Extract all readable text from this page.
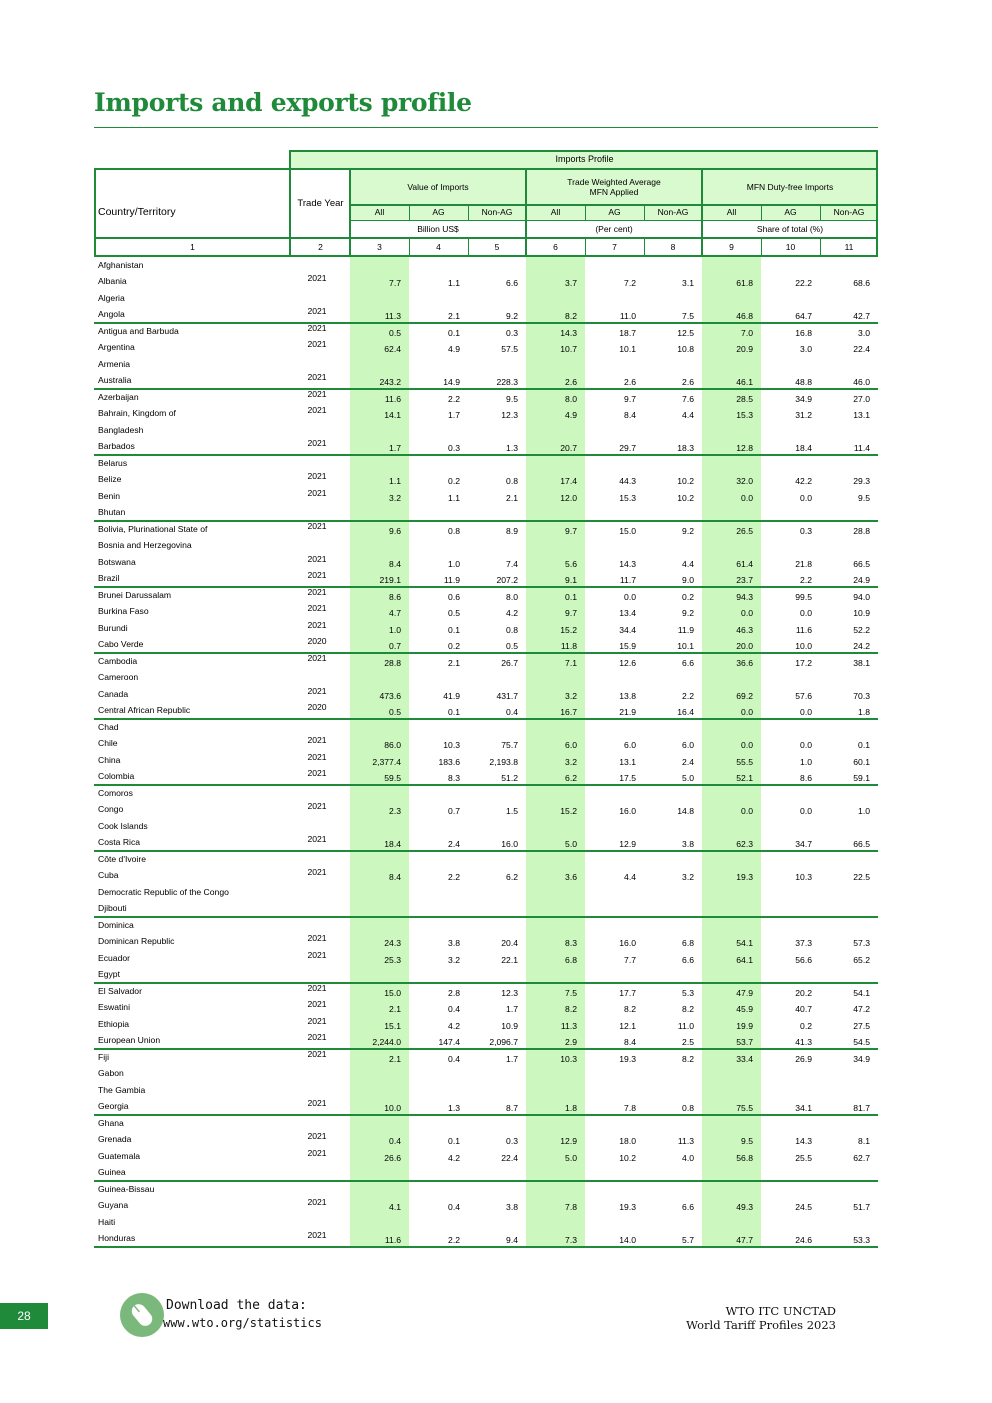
Imports and exports profile
Imports Profile
Country/Territory
Trade Year
Value of Imports
Trade Weighted Average
MFN Applied
MFN Duty-free Imports
All	AG	Non-AG	All	AG	Non-AG	All	AG	Non-AG
Billion US$	(Per cent)	Share of total (%)
1	2	3	4	5	6	7	8	9	10	11
Afghanistan
Albania	2021	7.7	1.1	6.6	3.7	7.2	3.1	61.8	22.2	68.6
Algeria
Angola	2021	11.3	2.1	9.2	8.2	11.0	7.5	46.8	64.7	42.7
Antigua and Barbuda	2021	0.5	0.1	0.3	14.3	18.7	12.5	7.0	16.8	3.0
Argentina	2021	62.4	4.9	57.5	10.7	10.1	10.8	20.9	3.0	22.4
Armenia
Australia	2021	243.2	14.9	228.3	2.6	2.6	2.6	46.1	48.8	46.0
Azerbaijan	2021	11.6	2.2	9.5	8.0	9.7	7.6	28.5	34.9	27.0
Bahrain, Kingdom of	2021	14.1	1.7	12.3	4.9	8.4	4.4	15.3	31.2	13.1
Bangladesh
Barbados	2021	1.7	0.3	1.3	20.7	29.7	18.3	12.8	18.4	11.4
Belarus
Belize	2021	1.1	0.2	0.8	17.4	44.3	10.2	32.0	42.2	29.3
Benin	2021	3.2	1.1	2.1	12.0	15.3	10.2	0.0	0.0	9.5
Bhutan
Bolivia, Plurinational State of	2021	9.6	0.8	8.9	9.7	15.0	9.2	26.5	0.3	28.8
Bosnia and Herzegovina
Botswana	2021	8.4	1.0	7.4	5.6	14.3	4.4	61.4	21.8	66.5
Brazil	2021	219.1	11.9	207.2	9.1	11.7	9.0	23.7	2.2	24.9
Brunei Darussalam	2021	8.6	0.6	8.0	0.1	0.0	0.2	94.3	99.5	94.0
Burkina Faso	2021	4.7	0.5	4.2	9.7	13.4	9.2	0.0	0.0	10.9
Burundi	2021	1.0	0.1	0.8	15.2	34.4	11.9	46.3	11.6	52.2
Cabo Verde	2020	0.7	0.2	0.5	11.8	15.9	10.1	20.0	10.0	24.2
Cambodia	2021	28.8	2.1	26.7	7.1	12.6	6.6	36.6	17.2	38.1
Cameroon
Canada	2021	473.6	41.9	431.7	3.2	13.8	2.2	69.2	57.6	70.3
Central African Republic	2020	0.5	0.1	0.4	16.7	21.9	16.4	0.0	0.0	1.8
Chad
Chile	2021	86.0	10.3	75.7	6.0	6.0	6.0	0.0	0.0	0.1
China	2021	2,377.4	183.6	2,193.8	3.2	13.1	2.4	55.5	1.0	60.1
Colombia	2021	59.5	8.3	51.2	6.2	17.5	5.0	52.1	8.6	59.1
Comoros
Congo	2021	2.3	0.7	1.5	15.2	16.0	14.8	0.0	0.0	1.0
Cook Islands
Costa Rica	2021	18.4	2.4	16.0	5.0	12.9	3.8	62.3	34.7	66.5
Côte d'Ivoire
Cuba	2021	8.4	2.2	6.2	3.6	4.4	3.2	19.3	10.3	22.5
Democratic Republic of the Congo
Djibouti
Dominica
Dominican Republic	2021	24.3	3.8	20.4	8.3	16.0	6.8	54.1	37.3	57.3
Ecuador	2021	25.3	3.2	22.1	6.8	7.7	6.6	64.1	56.6	65.2
Egypt
El Salvador	2021	15.0	2.8	12.3	7.5	17.7	5.3	47.9	20.2	54.1
Eswatini	2021	2.1	0.4	1.7	8.2	8.2	8.2	45.9	40.7	47.2
Ethiopia	2021	15.1	4.2	10.9	11.3	12.1	11.0	19.9	0.2	27.5
European Union	2021	2,244.0	147.4	2,096.7	2.9	8.4	2.5	53.7	41.3	54.5
Fiji	2021	2.1	0.4	1.7	10.3	19.3	8.2	33.4	26.9	34.9
Gabon
The Gambia
Georgia	2021	10.0	1.3	8.7	1.8	7.8	0.8	75.5	34.1	81.7
Ghana
Grenada	2021	0.4	0.1	0.3	12.9	18.0	11.3	9.5	14.3	8.1
Guatemala	2021	26.6	4.2	22.4	5.0	10.2	4.0	56.8	25.5	62.7
Guinea
Guinea-Bissau
Guyana	2021	4.1	0.4	3.8	7.8	19.3	6.6	49.3	24.5	51.7
Haiti
Honduras	2021	11.6	2.2	9.4	7.3	14.0	5.7	47.7	24.6	53.3
28
Download the data:
www.wto.org/statistics
WTO ITC UNCTAD
World Tariff Profiles 2023
